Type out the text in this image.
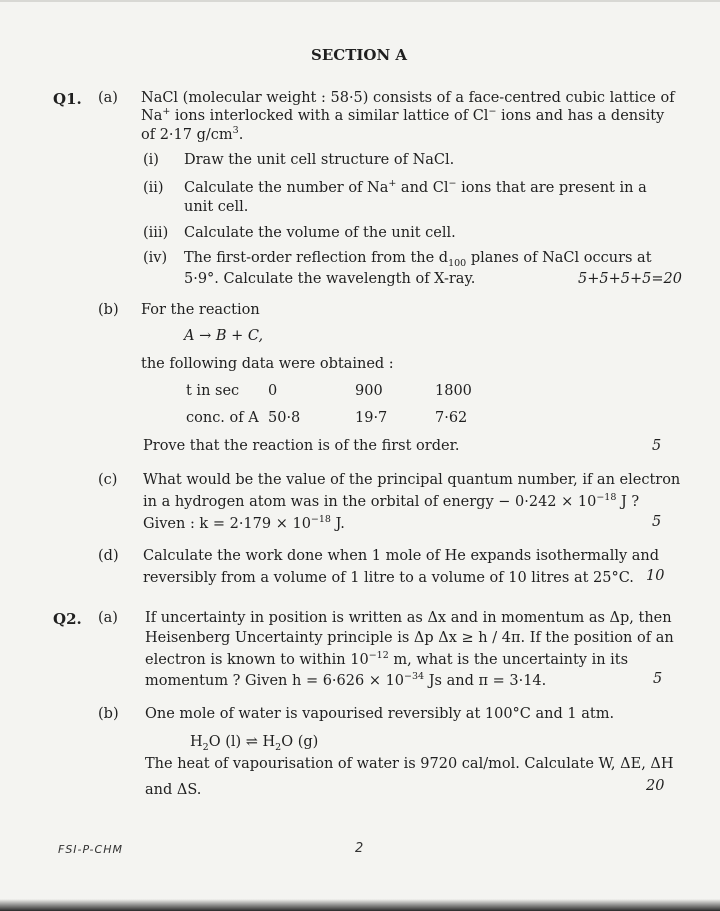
SECTION A
Q1. (a) NaCl (molecular weight : 58·5) consists of a face-centred cubic lattice of
Na+ ions interlocked with a similar lattice of Cl− ions and has a density
of 2·17 $g/cm^3$.
(i) Draw the unit cell structure of NaCl.
(ii) Calculate the number of Na+ and Cl− ions that are present in a
unit cell.
(iii) Calculate the volume of the unit cell.
(iv) The first-order reflection from the $d_{100}$ planes of NaCl occurs at
5·9°. Calculate the wavelength of X-ray.	5+5+5+5=20
(b) For the reaction
A → B + C,
the following data were obtained :
t in sec 0	900	1800
conc. of A 50·8	19·7	7·62
Prove that the reaction is of the first order.	5
(c) What would be the value of the principal quantum number, if an electron
in a hydrogen atom was in the orbital of energy − $0\cdot 242 \times 10^{-18}$ J ?
Given : $k = 2\cdot 179 \times 10^{-18}$ J.	5
(d) Calculate the work done when 1 mole of He expands isothermally and
reversibly from a volume of 1 litre to a volume of 10 litres at 25°C. 10
Q2. (a) If uncertainty in position is written as Δx and in momentum as Δp, then
Heisenberg Uncertainty principle is Δp Δx ≥ h / 4π. If the position of an
electron is known to within $10^{-12}$ m, what is the uncertainty in its
momentum ? Given $h = 6\cdot 626 \times 10^{-34}$ Js and π = 3·14.	5
(b) One mole of water is vapourised reversibly at 100°C and 1 atm.
$H_2O$ (l) ⇌ $H_2O$ (g)
The heat of vapourisation of water is 9720 cal/mol. Calculate W, ΔE, ΔH
and ΔS.	20
FSI-P-CHM	2
